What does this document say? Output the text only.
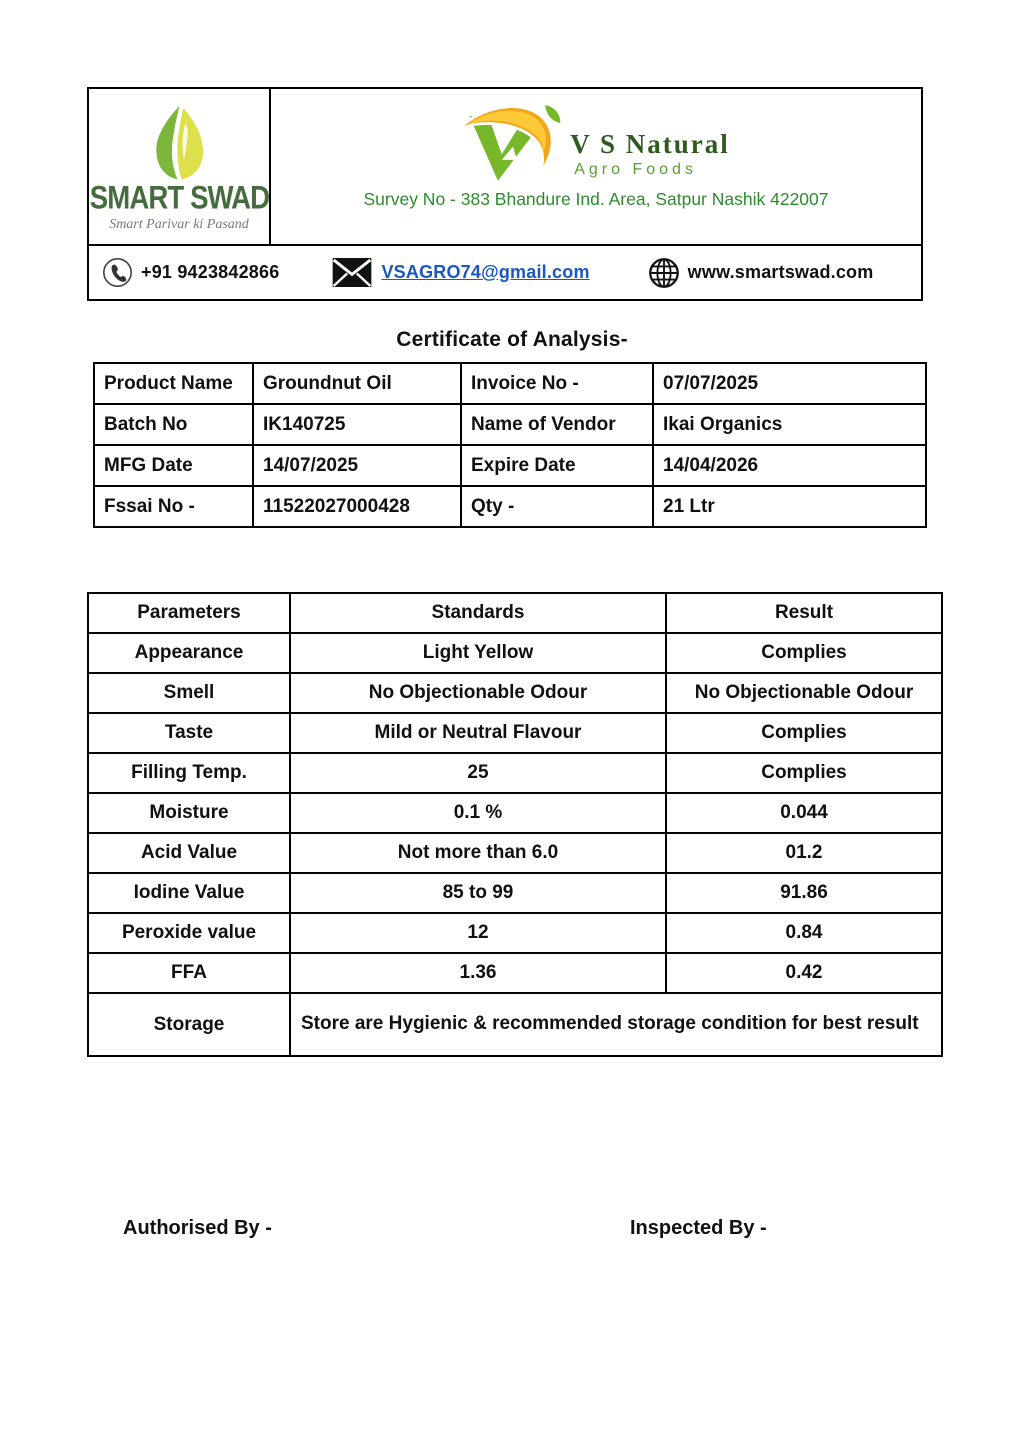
SMART SWAD
Smart Parivar ki Pasand
V S Natural
Agro Foods
Survey No - 383 Bhandure Ind. Area, Satpur Nashik 422007
+91 9423842866	VSAGRO74@gmail.com	www.smartswad.com
Certificate of Analysis-
Product Name	Groundnut Oil	Invoice No -	07/07/2025
Batch No	IK140725	Name of Vendor	Ikai Organics
MFG Date	14/07/2025	Expire Date	14/04/2026
Fssai No -	11522027000428	Qty -	21 Ltr
Parameters	Standards	Result
Appearance	Light Yellow	Complies
Smell	No Objectionable Odour	No Objectionable Odour
Taste	Mild or Neutral Flavour	Complies
Filling Temp.	25	Complies
Moisture	0.1 %	0.044
Acid Value	Not more than 6.0	01.2
Iodine Value	85 to 99	91.86
Peroxide value	12	0.84
FFA	1.36	0.42
Storage	Store are Hygienic & recommended storage condition for best result	
Authorised By -	Inspected By -
